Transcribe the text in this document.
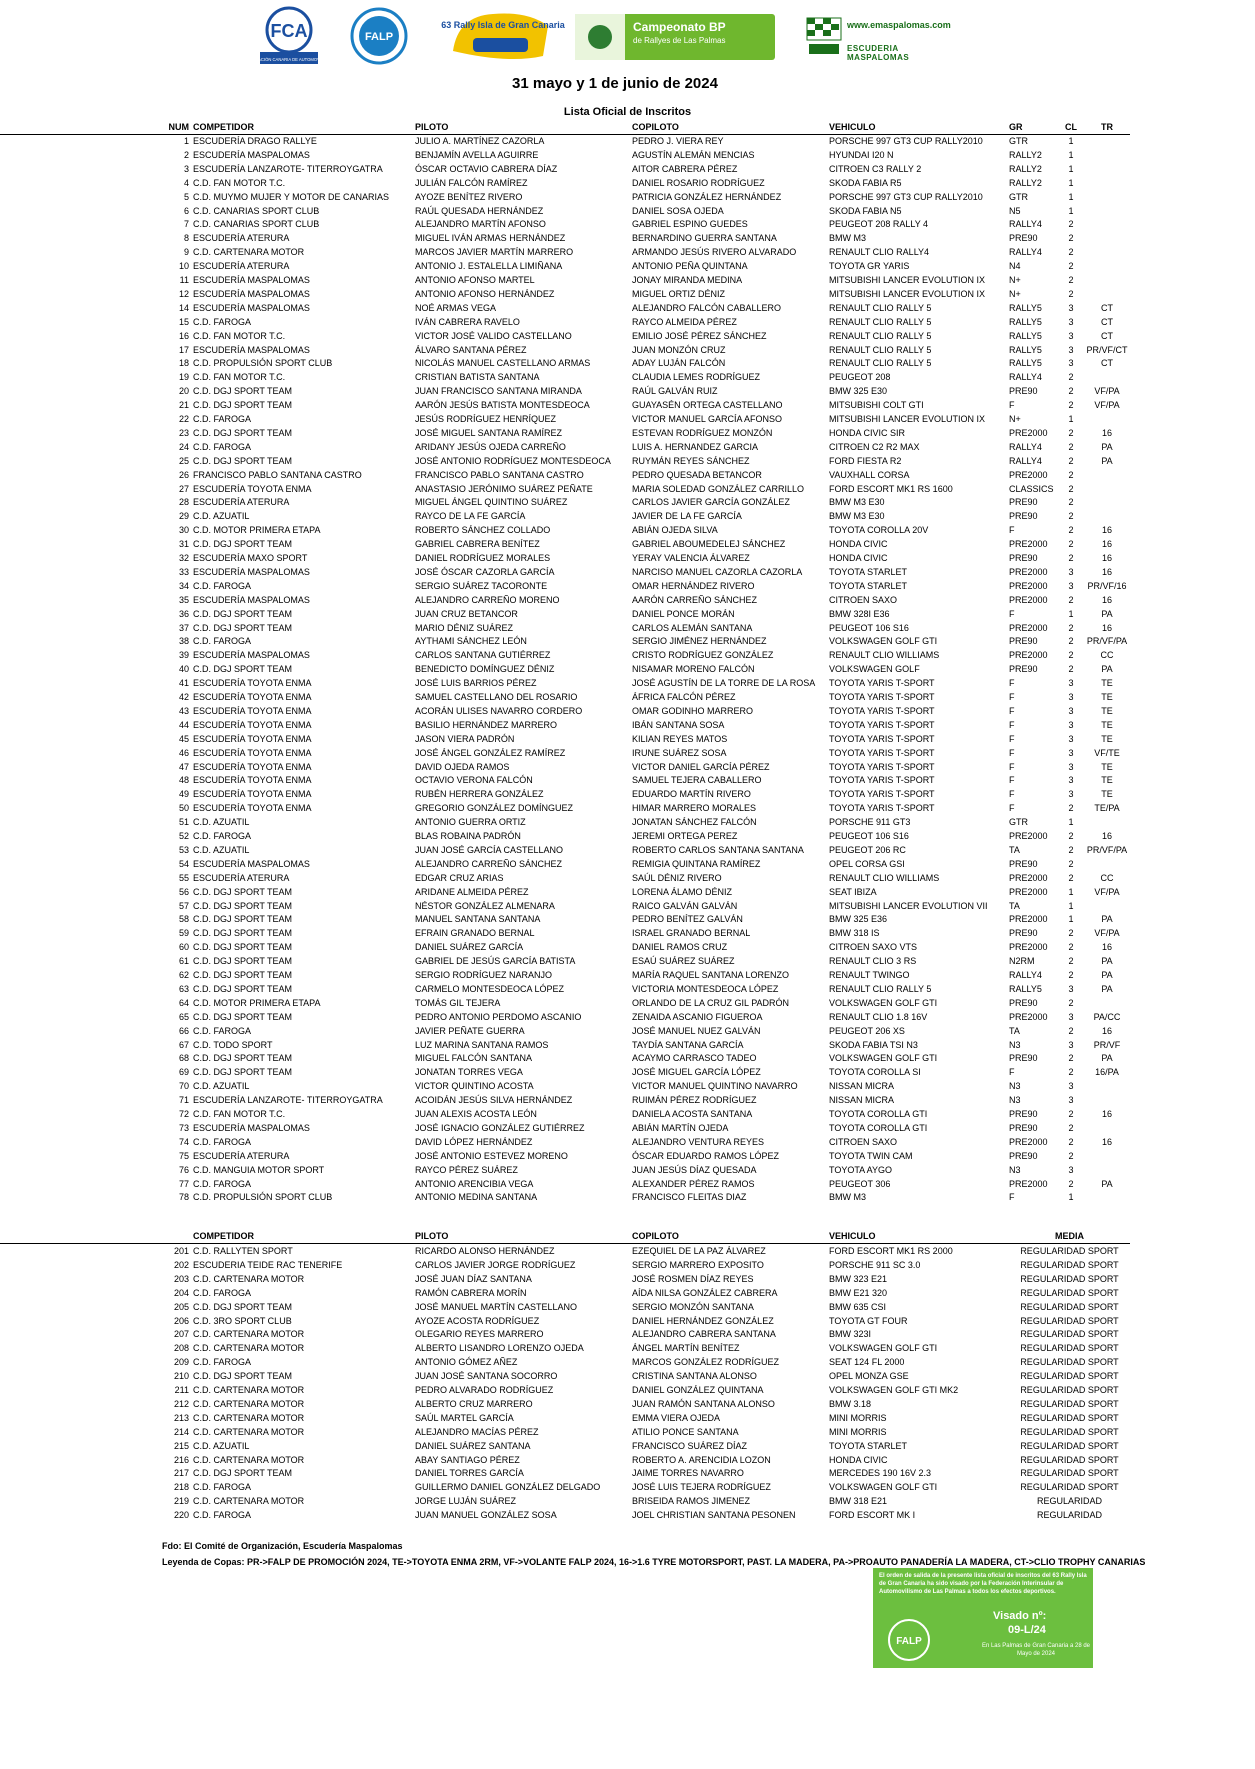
FCA
FEDERACIÓN CANARIA DE AUTOMOVILISMO
FALP
63 Rally Isla de Gran Canaria	Campeonato BP
de Rallyes de Las Palmas
www.emaspalomas.com
ESCUDERIA MASPALOMAS
31 mayo y 1 de junio de 2024
Lista Oficial de Inscritos
NUM COMPETIDOR	PILOTO	COPILOTO	VEHICULO	GR	CL	TR
1 ESCUDERÍA DRAGO RALLYE	JULIO A. MARTÍNEZ CAZORLA	PEDRO J. VIERA REY	PORSCHE 997 GT3 CUP RALLY2010	GTR	1
2 ESCUDERÍA MASPALOMAS	BENJAMÍN AVELLA AGUIRRE	AGUSTÍN ALEMÁN MENCIAS	HYUNDAI I20 N	RALLY2	1
3 ESCUDERÍA LANZAROTE- TITERROYGATRA	ÓSCAR OCTAVIO CABRERA DÍAZ	AITOR CABRERA PÉREZ	CITROEN C3 RALLY 2	RALLY2	1
4 C.D. FAN MOTOR T.C.	JULIÁN FALCÓN RAMÍREZ	DANIEL ROSARIO RODRÍGUEZ	SKODA FABIA R5	RALLY2	1
5 C.D. MUYMO MUJER Y MOTOR DE CANARIAS	AYOZE BENÍTEZ RIVERO	PATRICIA GONZÁLEZ HERNÁNDEZ	PORSCHE 997 GT3 CUP RALLY2010	GTR	1
6 C.D. CANARIAS SPORT CLUB	RAÚL QUESADA HERNÁNDEZ	DANIEL SOSA OJEDA	SKODA FABIA N5	N5	1
7 C.D. CANARIAS SPORT CLUB	ALEJANDRO MARTÍN AFONSO	GABRIEL ESPINO GUEDES	PEUGEOT 208 RALLY 4	RALLY4	2
8 ESCUDERÍA ATERURA	MIGUEL IVÁN ARMAS HERNÁNDEZ	BERNARDINO GUERRA SANTANA	BMW M3	PRE90	2
9 C.D. CARTENARA MOTOR	MARCOS JAVIER MARTÍN MARRERO	ARMANDO JESÚS RIVERO ALVARADO	RENAULT CLIO RALLY4	RALLY4	2
10 ESCUDERÍA ATERURA	ANTONIO J. ESTALELLA LIMIÑANA	ANTONIO PEÑA QUINTANA	TOYOTA GR YARIS	N4	2
11 ESCUDERÍA MASPALOMAS	ANTONIO AFONSO MARTEL	JONAY MIRANDA MEDINA	MITSUBISHI LANCER EVOLUTION IX	N+	2
12 ESCUDERÍA MASPALOMAS	ANTONIO AFONSO HERNÁNDEZ	MIGUEL ORTIZ DÉNIZ	MITSUBISHI LANCER EVOLUTION IX	N+	2
14 ESCUDERÍA MASPALOMAS	NOÉ ARMAS VEGA	ALEJANDRO FALCÓN CABALLERO	RENAULT CLIO RALLY 5	RALLY5	3	CT
15 C.D. FAROGA	IVÁN CABRERA RAVELO	RAYCO ALMEIDA PÉREZ	RENAULT CLIO RALLY 5	RALLY5	3	CT
16 C.D. FAN MOTOR T.C.	VICTOR JOSÉ VALIDO CASTELLANO	EMILIO JOSÉ PÉREZ SÁNCHEZ	RENAULT CLIO RALLY 5	RALLY5	3	CT
17 ESCUDERÍA MASPALOMAS	ÁLVARO SANTANA PÉREZ	JUAN MONZÓN CRUZ	RENAULT CLIO RALLY 5	RALLY5	3	PR/VF/CT
18 C.D. PROPULSIÓN SPORT CLUB	NICOLÁS MANUEL CASTELLANO ARMAS	ADAY LUJÁN FALCÓN	RENAULT CLIO RALLY 5	RALLY5	3	CT
19 C.D. FAN MOTOR T.C.	CRISTIAN BATISTA SANTANA	CLAUDIA LEMES RODRÍGUEZ	PEUGEOT 208	RALLY4	2
20 C.D. DGJ SPORT TEAM	JUAN FRANCISCO SANTANA MIRANDA	RAÚL GALVÁN RUIZ	BMW 325 E30	PRE90	2	VF/PA
21 C.D. DGJ SPORT TEAM	AARÓN JESÚS BATISTA MONTESDEOCA	GUAYASÉN ORTEGA CASTELLANO	MITSUBISHI COLT GTI	F	2	VF/PA
22 C.D. FAROGA	JESÚS RODRÍGUEZ HENRÍQUEZ	VICTOR MANUEL GARCÍA AFONSO	MITSUBISHI LANCER EVOLUTION IX	N+	1
23 C.D. DGJ SPORT TEAM	JOSÉ MIGUEL SANTANA RAMÍREZ	ESTEVAN RODRÍGUEZ MONZÓN	HONDA CIVIC SIR	PRE2000	2	16
24 C.D. FAROGA	ARIDANY JESÚS OJEDA CARREÑO	LUIS A. HERNANDEZ GARCIA	CITROEN C2 R2 MAX	RALLY4	2	PA
25 C.D. DGJ SPORT TEAM	JOSÉ ANTONIO RODRÍGUEZ MONTESDEOCA	RUYMÁN REYES SÁNCHEZ	FORD FIESTA R2	RALLY4	2	PA
26 FRANCISCO PABLO SANTANA CASTRO	FRANCISCO PABLO SANTANA CASTRO	PEDRO QUESADA BETANCOR	VAUXHALL CORSA	PRE2000	2
27 ESCUDERÍA TOYOTA ENMA	ANASTASIO JERÓNIMO SUÁREZ PEÑATE	MARIA SOLEDAD GONZÁLEZ CARRILLO	FORD ESCORT MK1 RS 1600	CLASSICS	2
28 ESCUDERÍA ATERURA	MIGUEL ÁNGEL QUINTINO SUÁREZ	CARLOS JAVIER GARCÍA GONZÁLEZ	BMW M3 E30	PRE90	2
29 C.D. AZUATIL	RAYCO DE LA FE GARCÍA	JAVIER DE LA FE GARCÍA	BMW M3 E30	PRE90	2
30 C.D. MOTOR PRIMERA ETAPA	ROBERTO SÁNCHEZ COLLADO	ABIÁN OJEDA SILVA	TOYOTA COROLLA 20V	F	2	16
31 C.D. DGJ SPORT TEAM	GABRIEL CABRERA BENÍTEZ	GABRIEL ABOUMEDELEJ SÁNCHEZ	HONDA CIVIC	PRE2000	2	16
32 ESCUDERÍA MAXO SPORT	DANIEL RODRÍGUEZ MORALES	YERAY VALENCIA ÁLVAREZ	HONDA CIVIC	PRE90	2	16
33 ESCUDERÍA MASPALOMAS	JOSÉ ÓSCAR CAZORLA GARCÍA	NARCISO MANUEL CAZORLA CAZORLA	TOYOTA STARLET	PRE2000	3	16
34 C.D. FAROGA	SERGIO SUÁREZ TACORONTE	OMAR HERNÁNDEZ RIVERO	TOYOTA STARLET	PRE2000	3	PR/VF/16
35 ESCUDERÍA MASPALOMAS	ALEJANDRO CARREÑO MORENO	AARÓN CARREÑO SÁNCHEZ	CITROEN SAXO	PRE2000	2	16
36 C.D. DGJ SPORT TEAM	JUAN CRUZ BETANCOR	DANIEL PONCE MORÁN	BMW 328I E36	F	1	PA
37 C.D. DGJ SPORT TEAM	MARIO DÉNIZ SUÁREZ	CARLOS ALEMÁN SANTANA	PEUGEOT 106 S16	PRE2000	2	16
38 C.D. FAROGA	AYTHAMI SÁNCHEZ LEÓN	SERGIO JIMÉNEZ HERNÁNDEZ	VOLKSWAGEN GOLF GTI	PRE90	2	PR/VF/PA
39 ESCUDERÍA MASPALOMAS	CARLOS SANTANA GUTIÉRREZ	CRISTO RODRÍGUEZ GONZÁLEZ	RENAULT CLIO WILLIAMS	PRE2000	2	CC
40 C.D. DGJ SPORT TEAM	BENEDICTO DOMÍNGUEZ DÉNIZ	NISAMAR MORENO FALCÓN	VOLKSWAGEN GOLF	PRE90	2	PA
41 ESCUDERÍA TOYOTA ENMA	JOSÉ LUIS BARRIOS PÉREZ	JOSÉ AGUSTÍN DE LA TORRE DE LA ROSA	TOYOTA YARIS T-SPORT	F	3	TE
42 ESCUDERÍA TOYOTA ENMA	SAMUEL CASTELLANO DEL ROSARIO	ÁFRICA FALCÓN PÉREZ	TOYOTA YARIS T-SPORT	F	3	TE
43 ESCUDERÍA TOYOTA ENMA	ACORÁN ULISES NAVARRO CORDERO	OMAR GODINHO MARRERO	TOYOTA YARIS T-SPORT	F	3	TE
44 ESCUDERÍA TOYOTA ENMA	BASILIO HERNÁNDEZ MARRERO	IBÁN SANTANA SOSA	TOYOTA YARIS T-SPORT	F	3	TE
45 ESCUDERÍA TOYOTA ENMA	JASON VIERA PADRÓN	KILIAN REYES MATOS	TOYOTA YARIS T-SPORT	F	3	TE
46 ESCUDERÍA TOYOTA ENMA	JOSÉ ÁNGEL GONZÁLEZ RAMÍREZ	IRUNE SUÁREZ SOSA	TOYOTA YARIS T-SPORT	F	3	VF/TE
47 ESCUDERÍA TOYOTA ENMA	DAVID OJEDA RAMOS	VICTOR DANIEL GARCÍA PÉREZ	TOYOTA YARIS T-SPORT	F	3	TE
48 ESCUDERÍA TOYOTA ENMA	OCTAVIO VERONA FALCÓN	SAMUEL TEJERA CABALLERO	TOYOTA YARIS T-SPORT	F	3	TE
49 ESCUDERÍA TOYOTA ENMA	RUBÉN HERRERA GONZÁLEZ	EDUARDO MARTÍN RIVERO	TOYOTA YARIS T-SPORT	F	3	TE
50 ESCUDERÍA TOYOTA ENMA	GREGORIO GONZÁLEZ DOMÍNGUEZ	HIMAR MARRERO MORALES	TOYOTA YARIS T-SPORT	F	2	TE/PA
51 C.D. AZUATIL	ANTONIO GUERRA ORTIZ	JONATAN SÁNCHEZ FALCÓN	PORSCHE 911 GT3	GTR	1
52 C.D. FAROGA	BLAS ROBAINA PADRÓN	JEREMI ORTEGA PEREZ	PEUGEOT 106 S16	PRE2000	2	16
53 C.D. AZUATIL	JUAN JOSÉ GARCÍA CASTELLANO	ROBERTO CARLOS SANTANA SANTANA	PEUGEOT 206 RC	TA	2	PR/VF/PA
54 ESCUDERÍA MASPALOMAS	ALEJANDRO CARREÑO SÁNCHEZ	REMIGIA QUINTANA RAMÍREZ	OPEL CORSA GSI	PRE90	2
55 ESCUDERÍA ATERURA	EDGAR CRUZ ARIAS	SAÚL DÉNIZ RIVERO	RENAULT CLIO WILLIAMS	PRE2000	2	CC
56 C.D. DGJ SPORT TEAM	ARIDANE ALMEIDA PÉREZ	LORENA ÁLAMO DÉNIZ	SEAT IBIZA	PRE2000	1	VF/PA
57 C.D. DGJ SPORT TEAM	NÉSTOR GONZÁLEZ ALMENARA	RAICO GALVÁN GALVÁN	MITSUBISHI LANCER EVOLUTION VII	TA	1
58 C.D. DGJ SPORT TEAM	MANUEL SANTANA SANTANA	PEDRO BENÍTEZ GALVÁN	BMW 325 E36	PRE2000	1	PA
59 C.D. DGJ SPORT TEAM	EFRAIN GRANADO BERNAL	ISRAEL GRANADO BERNAL	BMW 318 IS	PRE90	2	VF/PA
60 C.D. DGJ SPORT TEAM	DANIEL SUÁREZ GARCÍA	DANIEL RAMOS CRUZ	CITROEN SAXO VTS	PRE2000	2	16
61 C.D. DGJ SPORT TEAM	GABRIEL DE JESÚS GARCÍA BATISTA	ESAÚ SUÁREZ SUÁREZ	RENAULT CLIO 3 RS	N2RM	2	PA
62 C.D. DGJ SPORT TEAM	SERGIO RODRÍGUEZ NARANJO	MARÍA RAQUEL SANTANA LORENZO	RENAULT TWINGO	RALLY4	2	PA
63 C.D. DGJ SPORT TEAM	CARMELO MONTESDEOCA LÓPEZ	VICTORIA MONTESDEOCA LÓPEZ	RENAULT CLIO RALLY 5	RALLY5	3	PA
64 C.D. MOTOR PRIMERA ETAPA	TOMÁS GIL TEJERA	ORLANDO DE LA CRUZ GIL PADRÓN	VOLKSWAGEN GOLF GTI	PRE90	2
65 C.D. DGJ SPORT TEAM	PEDRO ANTONIO PERDOMO ASCANIO	ZENAIDA ASCANIO FIGUEROA	RENAULT CLIO 1.8 16V	PRE2000	3	PA/CC
66 C.D. FAROGA	JAVIER PEÑATE GUERRA	JOSÉ MANUEL NUEZ GALVÁN	PEUGEOT 206 XS	TA	2	16
67 C.D. TODO SPORT	LUZ MARINA SANTANA RAMOS	TAYDÍA SANTANA GARCÍA	SKODA FABIA TSI N3	N3	3	PR/VF
68 C.D. DGJ SPORT TEAM	MIGUEL FALCÓN SANTANA	ACAYMO CARRASCO TADEO	VOLKSWAGEN GOLF GTI	PRE90	2	PA
69 C.D. DGJ SPORT TEAM	JONATAN TORRES VEGA	JOSÉ MIGUEL GARCÍA LÓPEZ	TOYOTA COROLLA SI	F	2	16/PA
70 C.D. AZUATIL	VICTOR QUINTINO ACOSTA	VICTOR MANUEL QUINTINO NAVARRO	NISSAN MICRA	N3	3
71 ESCUDERÍA LANZAROTE- TITERROYGATRA	ACOIDÁN JESÚS SILVA HERNÁNDEZ	RUIMÁN PÉREZ RODRÍGUEZ	NISSAN MICRA	N3	3
72 C.D. FAN MOTOR T.C.	JUAN ALEXIS ACOSTA LEÓN	DANIELA ACOSTA SANTANA	TOYOTA COROLLA GTI	PRE90	2	16
73 ESCUDERÍA MASPALOMAS	JOSÉ IGNACIO GONZÁLEZ GUTIÉRREZ	ABIÁN MARTÍN OJEDA	TOYOTA COROLLA GTI	PRE90	2
74 C.D. FAROGA	DAVID LÓPEZ HERNÁNDEZ	ALEJANDRO VENTURA REYES	CITROEN SAXO	PRE2000	2	16
75 ESCUDERÍA ATERURA	JOSÉ ANTONIO ESTEVEZ MORENO	ÓSCAR EDUARDO RAMOS LÓPEZ	TOYOTA TWIN CAM	PRE90	2
76 C.D. MANGUIA MOTOR SPORT	RAYCO PÉREZ SUÁREZ	JUAN JESÚS DÍAZ QUESADA	TOYOTA AYGO	N3	3
77 C.D. FAROGA	ANTONIO ARENCIBIA VEGA	ALEXANDER PÉREZ RAMOS	PEUGEOT 306	PRE2000	2	PA
78 C.D. PROPULSIÓN SPORT CLUB	ANTONIO MEDINA SANTANA	FRANCISCO FLEITAS DIAZ	BMW M3	F	1
COMPETIDOR	PILOTO	COPILOTO	VEHICULO	MEDIA
201 C.D. RALLYTEN SPORT	RICARDO ALONSO HERNÁNDEZ	EZEQUIEL DE LA PAZ ÁLVAREZ	FORD ESCORT MK1 RS 2000	REGULARIDAD SPORT
202 ESCUDERIA TEIDE RAC TENERIFE	CARLOS JAVIER JORGE RODRÍGUEZ	SERGIO MARRERO EXPOSITO	PORSCHE 911 SC 3.0	REGULARIDAD SPORT
203 C.D. CARTENARA MOTOR	JOSÉ JUAN DÍAZ SANTANA	JOSÉ ROSMEN DÍAZ REYES	BMW 323 E21	REGULARIDAD SPORT
204 C.D. FAROGA	RAMÓN CABRERA MORÍN	AÍDA NILSA GONZÁLEZ CABRERA	BMW E21 320	REGULARIDAD SPORT
205 C.D. DGJ SPORT TEAM	JOSÉ MANUEL MARTÍN CASTELLANO	SERGIO MONZÓN SANTANA	BMW 635 CSI	REGULARIDAD SPORT
206 C.D. 3RO SPORT CLUB	AYOZE ACOSTA RODRÍGUEZ	DANIEL HERNÁNDEZ GONZÁLEZ	TOYOTA GT FOUR	REGULARIDAD SPORT
207 C.D. CARTENARA MOTOR	OLEGARIO REYES MARRERO	ALEJANDRO CABRERA SANTANA	BMW 323I	REGULARIDAD SPORT
208 C.D. CARTENARA MOTOR	ALBERTO LISANDRO LORENZO OJEDA	ÁNGEL MARTÍN BENÍTEZ	VOLKSWAGEN GOLF GTI	REGULARIDAD SPORT
209 C.D. FAROGA	ANTONIO GÓMEZ AÑEZ	MARCOS GONZÁLEZ RODRÍGUEZ	SEAT 124 FL 2000	REGULARIDAD SPORT
210 C.D. DGJ SPORT TEAM	JUAN JOSÉ SANTANA SOCORRO	CRISTINA SANTANA ALONSO	OPEL MONZA GSE	REGULARIDAD SPORT
211 C.D. CARTENARA MOTOR	PEDRO ALVARADO RODRÍGUEZ	DANIEL GONZÁLEZ QUINTANA	VOLKSWAGEN GOLF GTI MK2	REGULARIDAD SPORT
212 C.D. CARTENARA MOTOR	ALBERTO CRUZ MARRERO	JUAN RAMÓN SANTANA ALONSO	BMW 3.18	REGULARIDAD SPORT
213 C.D. CARTENARA MOTOR	SAÚL MARTEL GARCÍA	EMMA VIERA OJEDA	MINI MORRIS	REGULARIDAD SPORT
214 C.D. CARTENARA MOTOR	ALEJANDRO MACÍAS PÉREZ	ATILIO PONCE SANTANA	MINI MORRIS	REGULARIDAD SPORT
215 C.D. AZUATIL	DANIEL SUÁREZ SANTANA	FRANCISCO SUÁREZ DÍAZ	TOYOTA STARLET	REGULARIDAD SPORT
216 C.D. CARTENARA MOTOR	ABAY SANTIAGO PÉREZ	ROBERTO A. ARENCIDIA LOZON	HONDA CIVIC	REGULARIDAD SPORT
217 C.D. DGJ SPORT TEAM	DANIEL TORRES GARCÍA	JAIME TORRES NAVARRO	MERCEDES 190 16V 2.3	REGULARIDAD SPORT
218 C.D. FAROGA	GUILLERMO DANIEL GONZÁLEZ DELGADO	JOSÉ LUIS TEJERA RODRÍGUEZ	VOLKSWAGEN GOLF GTI	REGULARIDAD SPORT
219 C.D. CARTENARA MOTOR	JORGE LUJÁN SUÁREZ	BRISEIDA RAMOS JIMENEZ	BMW 318 E21	REGULARIDAD
220 C.D. FAROGA	JUAN MANUEL GONZÁLEZ SOSA	JOEL CHRISTIAN SANTANA PESONEN	FORD ESCORT MK I	REGULARIDAD
Fdo: El Comité de Organización, Escudería Maspalomas
Leyenda de Copas: PR->FALP DE PROMOCIÓN 2024, TE->TOYOTA ENMA 2RM, VF->VOLANTE FALP 2024, 16->1.6 TYRE MOTORSPORT, PAST. LA MADERA, PA->PROAUTO PANADERÍA LA MADERA, CT->CLIO TROPHY CANARIAS
El orden de salida de la presente lista oficial de inscritos del 63 Rally Isla de Gran Canaria ha sido visado por la Federación Interinsular de Automovilismo de Las Palmas a todos los efectos deportivos.
FALP
Visado nº:
09-L/24
En Las Palmas de Gran Canaria a 28 de Mayo de 2024
